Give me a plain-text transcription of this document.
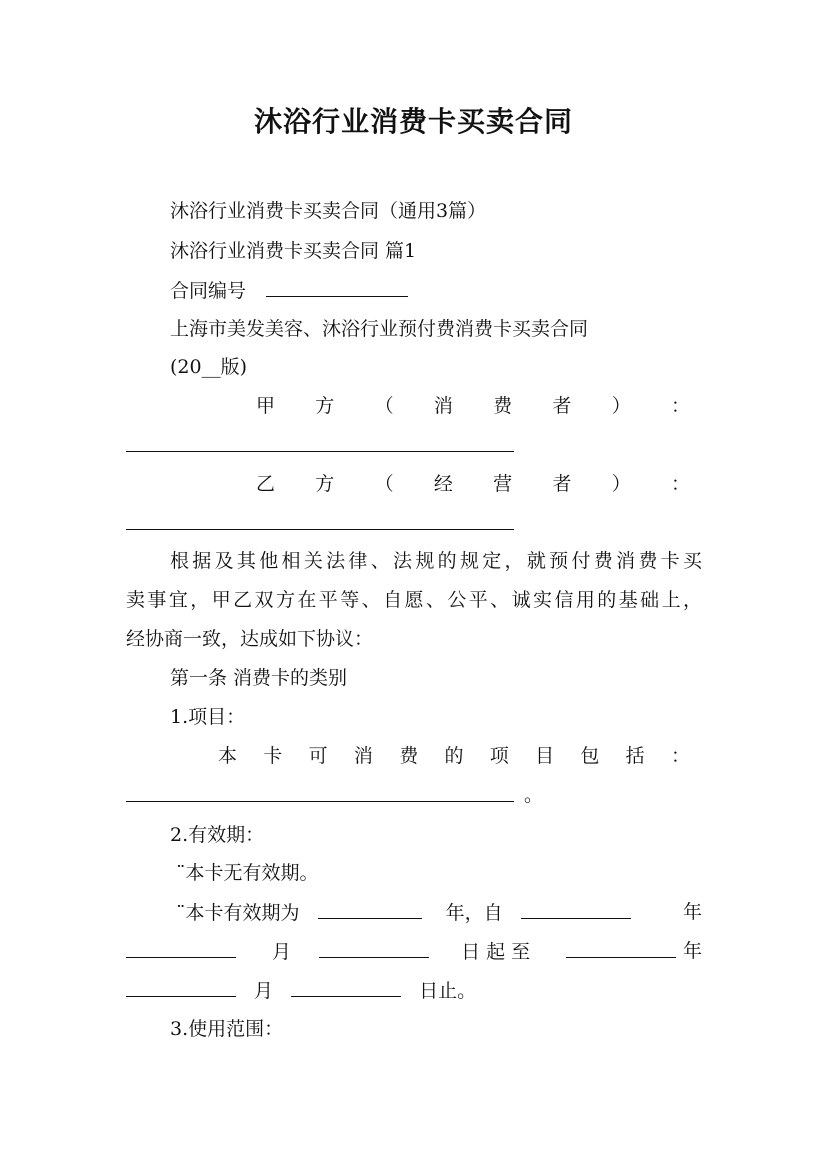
沐浴行业消费卡买卖合同
沐浴行业消费卡买卖合同（通用3篇）
沐浴行业消费卡买卖合同 篇1
合同编号
上海市美发美容、沐浴行业预付费消费卡买卖合同
(20__版)
甲 方 （ 消 费 者 ） ：
乙 方 （ 经 营 者 ） ：
根据及其他相关法律、法规的规定，就预付费消费卡买
卖事宜，甲乙双方在平等、自愿、公平、诚实信用的基础上，
经协商一致，达成如下协议：
第一条 消费卡的类别
1.项目：
本 卡 可 消 费 的 项 目 包 括 ：
。
2.有效期：
¨本卡无有效期。
¨本卡有效期为	年，自	年
月	日起至	年
月	日止。
3.使用范围：
